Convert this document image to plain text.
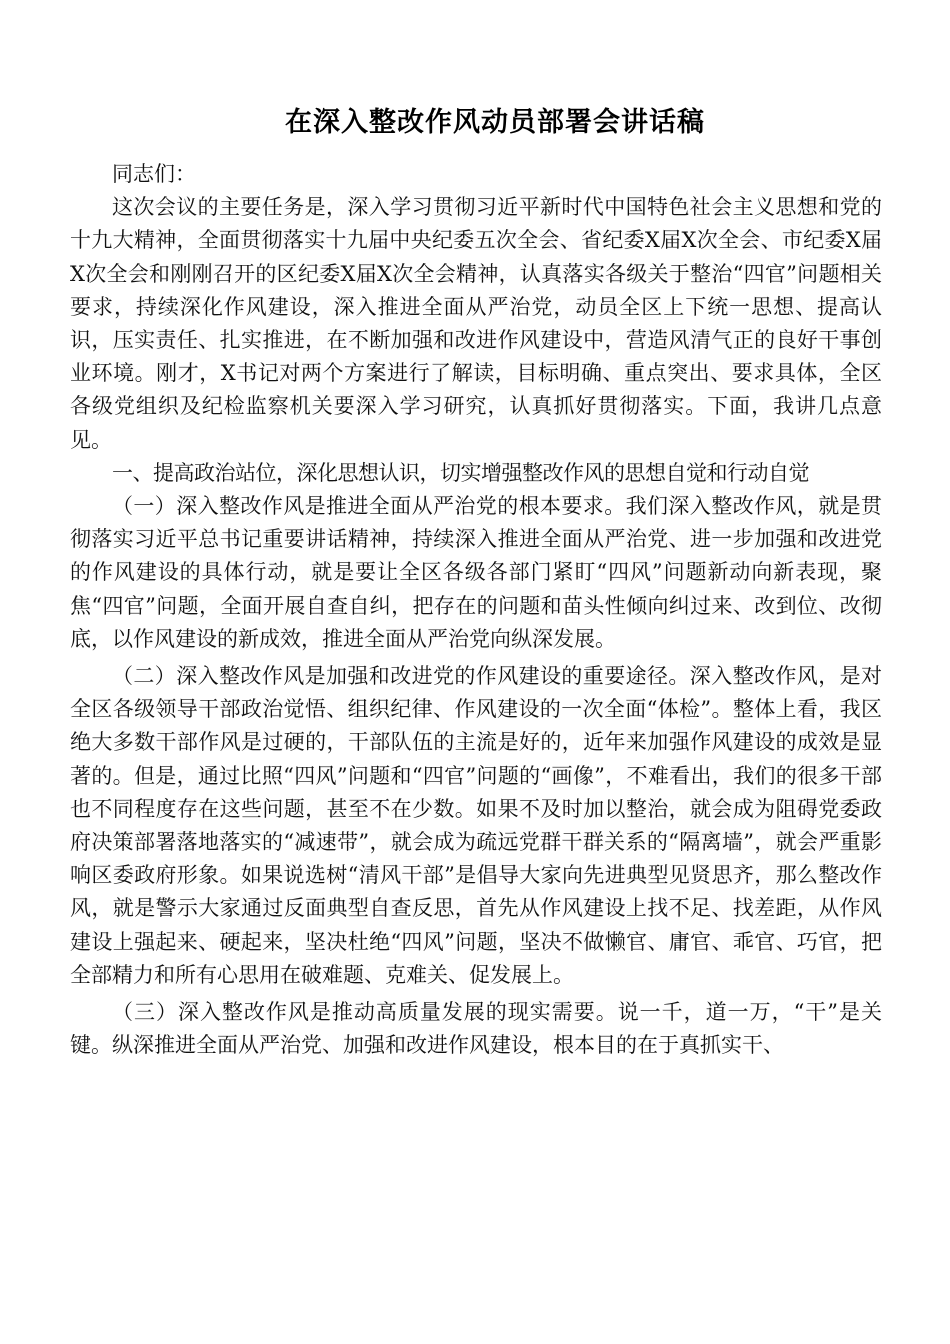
在深入整改作风动员部署会讲话稿

同志们：

这次会议的主要任务是，深入学习贯彻习近平新时代中国特色社会主义思想和党的十九大精神，全面贯彻落实十九届中央纪委五次全会、省纪委X届X次全会、市纪委X届X次全会和刚刚召开的区纪委X届X次全会精神，认真落实各级关于整治“四官”问题相关要求，持续深化作风建设，深入推进全面从严治党，动员全区上下统一思想、提高认识，压实责任、扎实推进，在不断加强和改进作风建设中，营造风清气正的良好干事创业环境。刚才，X书记对两个方案进行了解读，目标明确、重点突出、要求具体，全区各级党组织及纪检监察机关要深入学习研究，认真抓好贯彻落实。下面，我讲几点意见。

一、提高政治站位，深化思想认识，切实增强整改作风的思想自觉和行动自觉

（一）深入整改作风是推进全面从严治党的根本要求。我们深入整改作风，就是贯彻落实习近平总书记重要讲话精神，持续深入推进全面从严治党、进一步加强和改进党的作风建设的具体行动，就是要让全区各级各部门紧盯“四风”问题新动向新表现，聚焦“四官”问题，全面开展自查自纠，把存在的问题和苗头性倾向纠过来、改到位、改彻底，以作风建设的新成效，推进全面从严治党向纵深发展。

（二）深入整改作风是加强和改进党的作风建设的重要途径。深入整改作风，是对全区各级领导干部政治觉悟、组织纪律、作风建设的一次全面“体检”。整体上看，我区绝大多数干部作风是过硬的，干部队伍的主流是好的，近年来加强作风建设的成效是显著的。但是，通过比照“四风”问题和“四官”问题的“画像”，不难看出，我们的很多干部也不同程度存在这些问题，甚至不在少数。如果不及时加以整治，就会成为阻碍党委政府决策部署落地落实的“减速带”，就会成为疏远党群干群关系的“隔离墙”，就会严重影响区委政府形象。如果说选树“清风干部”是倡导大家向先进典型见贤思齐，那么整改作风，就是警示大家通过反面典型自查反思，首先从作风建设上找不足、找差距，从作风建设上强起来、硬起来，坚决杜绝“四风”问题，坚决不做懒官、庸官、乖官、巧官，把全部精力和所有心思用在破难题、克难关、促发展上。

（三）深入整改作风是推动高质量发展的现实需要。说一千，道一万，“干”是关键。纵深推进全面从严治党、加强和改进作风建设，根本目的在于真抓实干、
